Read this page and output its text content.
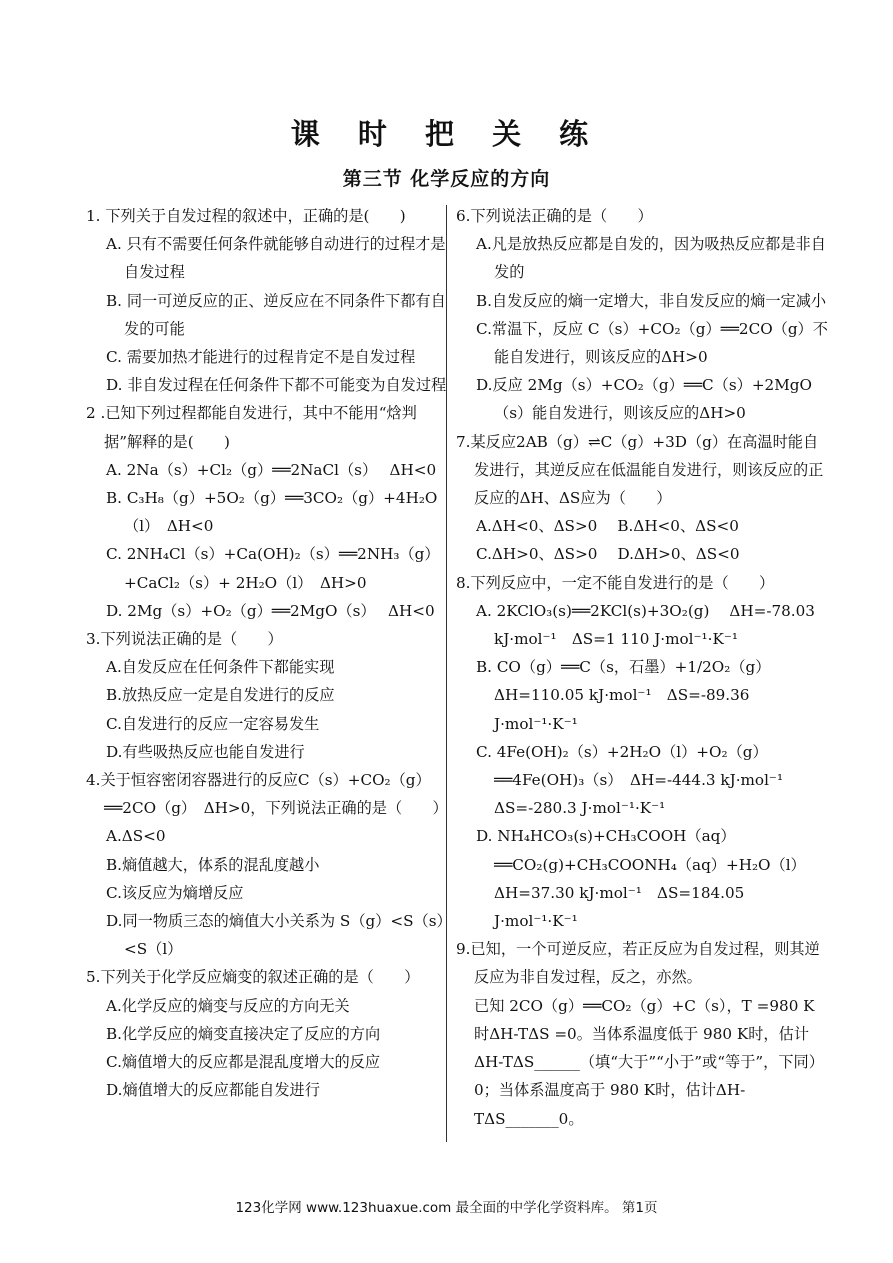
课 时 把 关 练
第三节 化学反应的方向
1. 下列关于自发过程的叙述中，正确的是(　　)
A. 只有不需要任何条件就能够自动进行的过程才是自发过程
B. 同一可逆反应的正、逆反应在不同条件下都有自发的可能
C. 需要加热才能进行的过程肯定不是自发过程
D. 非自发过程在任何条件下都不可能变为自发过程
2 .已知下列过程都能自发进行，其中不能用“焓判据”解释的是(　　)
A. 2Na（s）+Cl₂（g）══2NaCl（s）　 ΔH<0
B. C₃H₈（g）+5O₂（g）══3CO₂（g）+4H₂O（l）　ΔH<0
C. 2NH₄Cl（s）+Ca(OH)₂（s）══2NH₃（g）+CaCl₂（s）+ 2H₂O（l）　ΔH>0
D. 2Mg（s）+O₂（g）══2MgO（s）　 ΔH<0
3.下列说法正确的是（　　）
A.自发反应在任何条件下都能实现
B.放热反应一定是自发进行的反应
C.自发进行的反应一定容易发生
D.有些吸热反应也能自发进行
4.关于恒容密闭容器进行的反应C（s）+CO₂（g）══2CO（g）　ΔH>0，下列说法正确的是（　　）
A.ΔS<0
B.熵值越大，体系的混乱度越小
C.该反应为熵增反应
D.同一物质三态的熵值大小关系为 S（g）<S（s）<S（l）
5.下列关于化学反应熵变的叙述正确的是（　　）
A.化学反应的熵变与反应的方向无关
B.化学反应的熵变直接决定了反应的方向
C.熵值增大的反应都是混乱度增大的反应
D.熵值增大的反应都能自发进行
6.下列说法正确的是（　　）
A.凡是放热反应都是自发的，因为吸热反应都是非自发的
B.自发反应的熵一定增大，非自发反应的熵一定减小
C.常温下，反应 C（s）+CO₂（g）══2CO（g）不能自发进行，则该反应的ΔH>0
D.反应 2Mg（s）+CO₂（g）══C（s）+2MgO（s）能自发进行，则该反应的ΔH>0
7.某反应2AB（g）⇌C（g）+3D（g）在高温时能自发进行，其逆反应在低温能自发进行，则该反应的正反应的ΔH、ΔS应为（　　）
A.ΔH<0、ΔS>0　 B.ΔH<0、ΔS<0
C.ΔH>0、ΔS>0　 D.ΔH>0、ΔS<0
8.下列反应中，一定不能自发进行的是（　　）
A. 2KClO₃(s)══2KCl(s)+3O₂(g)　 ΔH=-78.03 kJ·mol⁻¹　ΔS=1 110 J·mol⁻¹·K⁻¹
B. CO（g）══C（s，石墨）+1/2O₂（g）　ΔH=110.05 kJ·mol⁻¹　ΔS=-89.36 J·mol⁻¹·K⁻¹
C. 4Fe(OH)₂（s）+2H₂O（l）+O₂（g）══4Fe(OH)₃（s）　ΔH=-444.3 kJ·mol⁻¹　ΔS=-280.3 J·mol⁻¹·K⁻¹
D. NH₄HCO₃(s)+CH₃COOH（aq）══CO₂(g)+CH₃COONH₄（aq）+H₂O（l）　ΔH=37.30 kJ·mol⁻¹　ΔS=184.05 J·mol⁻¹·K⁻¹
9.已知，一个可逆反应，若正反应为自发过程，则其逆反应为非自发过程，反之，亦然。
已知 2CO（g）══CO₂（g）+C（s），T =980 K时ΔH-TΔS =0。当体系温度低于 980 K时，估计ΔH-TΔS______（填“大于”“小于”或“等于”，下同）0；当体系温度高于 980 K时，估计ΔH-TΔS_______0。
123化学网 www.123huaxue.com 最全面的中学化学资料库。 第1页
